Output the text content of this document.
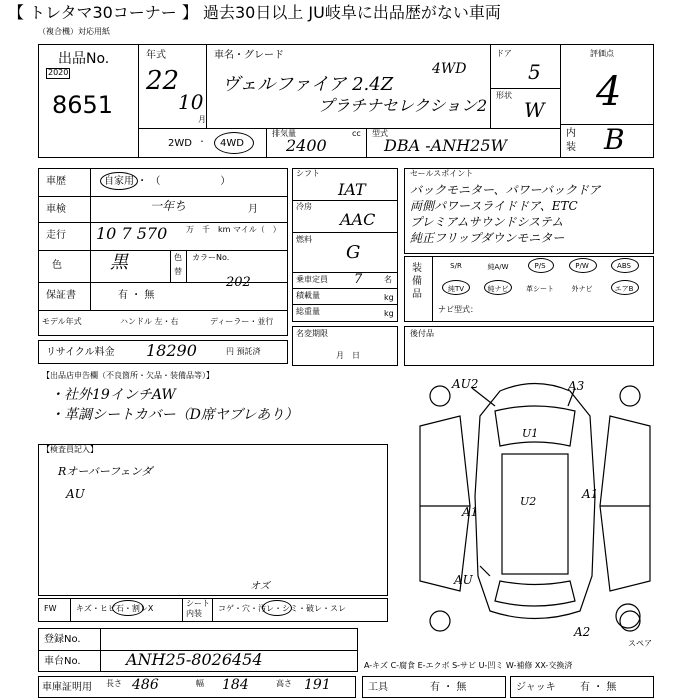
【 トレタマ30コーナー 】 過去30日以上 JU岐阜に出品歴がない車両
（複合機）対応用紙
出品No.
2020
8651
年式
22
10
月
車名・グレード
ヴェルファイア 2.4Z
プラチナセレクション2
4WD
ドア
5
形状
W
評価点
4
内
装 B
2WD ・ 4WD
排気量	cc
2400
型式
DBA -ANH25W
車歴	自家用 ・ （　　　　　　）
車検	一年ち	月
走行 10 7 570 万　千　km マイル（　）
色	黒	色
替
カラーNo.
202
保証書	有 ・ 無
モデル年式	ハンドル 左・右	ディーラー・並行
リサイクル料金 18290	円 預託済
シフト
IAT
冷房
AAC
燃料
G
乗車定員 7	名
積載量	kg
総重量	kg
名変期限
月　日
セールスポイント
バックモニター、パワーバックドア
両側パワースライドドア、ETC
プレミアムサウンドシステム
純正フリップダウンモニター
装備品
S/R	純A/W	P/S	P/W	ABS
純TV	純ナビ	革シート	外ナビ	エアB
ナビ型式：
後付品
【出品店申告欄（不良箇所・欠品・装備品等）】
・社外19インチAW
・革調シートカバー（D席ヤブレあり）
【検査員記入】
Rオーバーフェンダ
AU
AU2	A3
U1
U2
A1
A1
AU
A2
スペア
FW キズ・ヒビ石・割レX
シート
内装
コゲ・穴・汚レ・シミ・破レ・スレ
オズ
登録No.
車台No.	ANH25-8026454	A-キズ C-腐食 E-エクボ S-サビ U-凹ミ W-補修 XX-交換済
車庫証明用 長さ 486	幅 184	高さ 191	工具	有 ・ 無	ジャッキ 有 ・ 無
